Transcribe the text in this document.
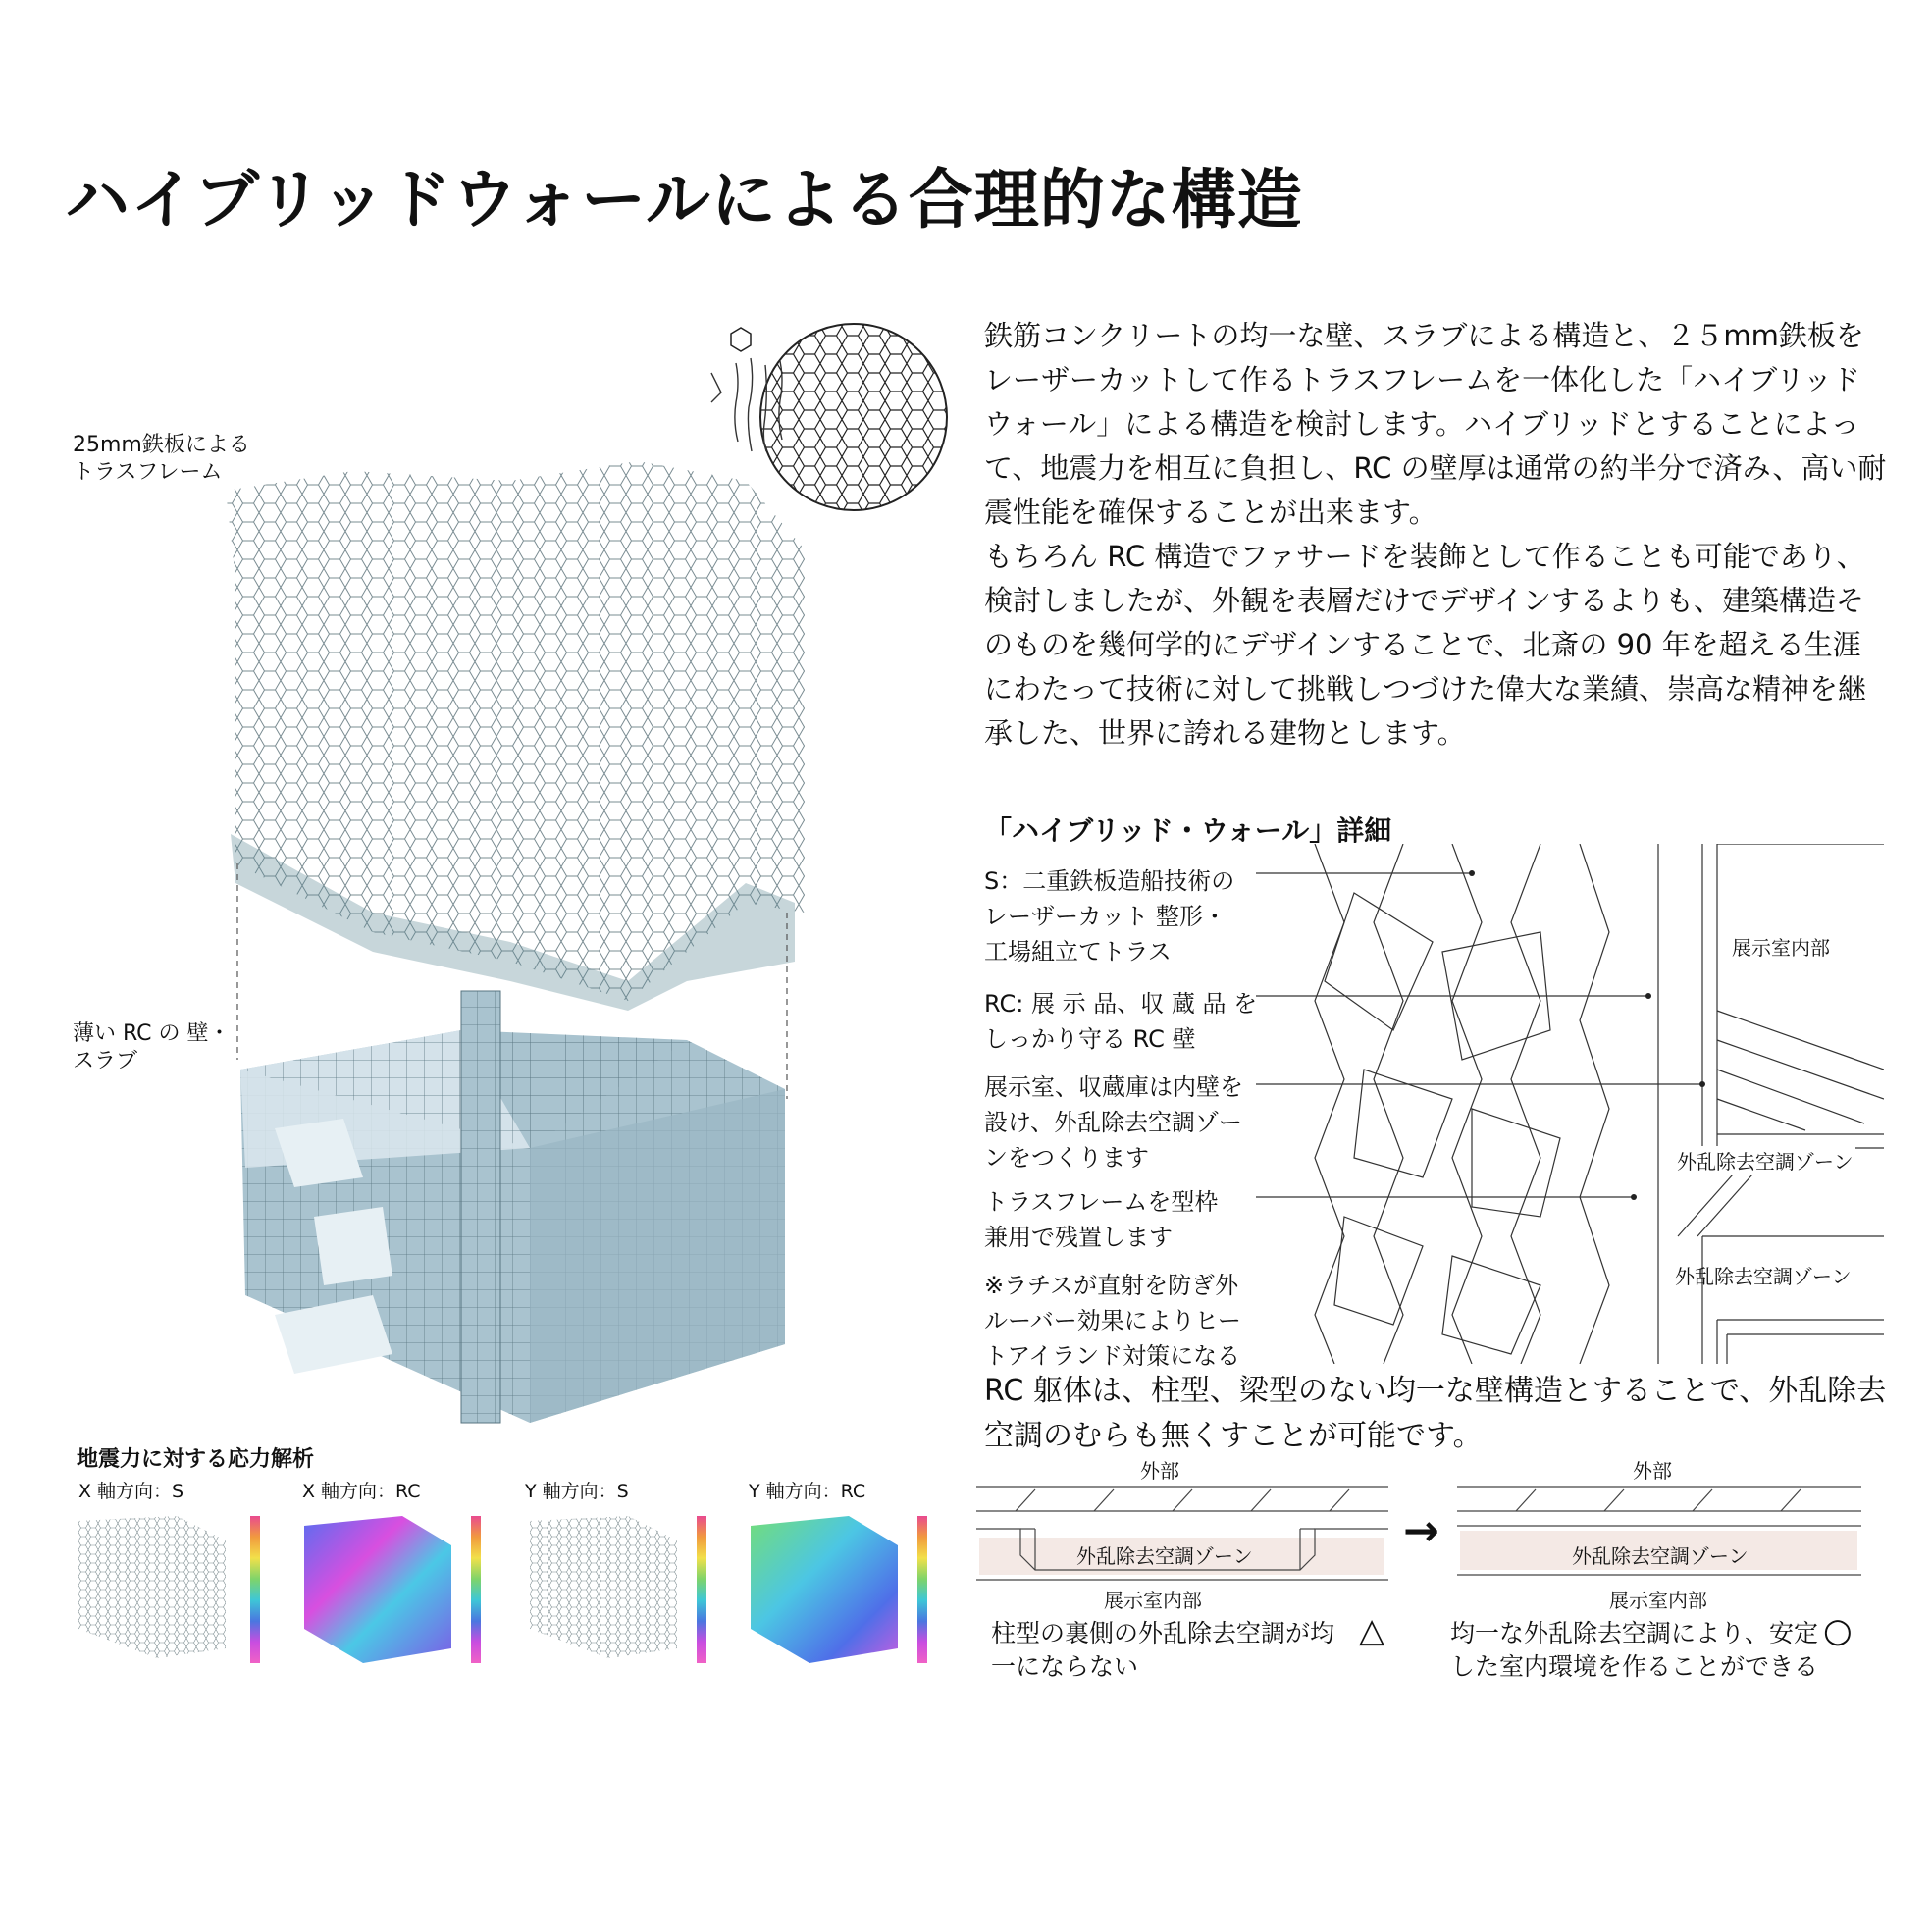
ハイブリッドウォールによる合理的な構造

鉄筋コンクリートの均一な壁、スラブによる構造と、２５mm鉄板をレーザーカットして作るトラスフレームを一体化した「ハイブリッドウォール」による構造を検討します。ハイブリッドとすることによって、地震力を相互に負担し、RC の壁厚は通常の約半分で済み、高い耐震性能を確保することが出来ます。

もちろん RC 構造でファサードを装飾として作ることも可能であり、検討しましたが、外観を表層だけでデザインするよりも、建築構造そのものを幾何学的にデザインすることで、北斎の 90 年を超える生涯にわたって技術に対して挑戦しつづけた偉大な業績、崇高な精神を継承した、世界に誇れる建物とします。

25mm鉄板による
トラスフレーム
薄い RC の 壁・
スラブ
地震力に対する応力解析
X 軸方向：S	X 軸方向：RC	Y 軸方向：S	Y 軸方向：RC
「ハイブリッド・ウォール」詳細
S：二重鉄板造船技術の
レーザーカット 整形・
工場組立てトラス
RC: 展 示 品、収 蔵 品 を
しっかり守る RC 壁
展示室、収蔵庫は内壁を
設け、外乱除去空調ゾー
ンをつくります
トラスフレームを型枠
兼用で残置します
※ラチスが直射を防ぎ外
ルーバー効果によりヒー
トアイランド対策になる
展示室内部
外乱除去空調ゾーン
外乱除去空調ゾーン
RC 躯体は、柱型、梁型のない均一な壁構造とすることで、外乱除去空調のむらも無くすことが可能です。
外部
外乱除去空調ゾーン
展示室内部
柱型の裏側の外乱除去空調が均
一にならない
△
→
外部
外乱除去空調ゾーン
展示室内部
均一な外乱除去空調により、安定
した室内環境を作ることができる
○
